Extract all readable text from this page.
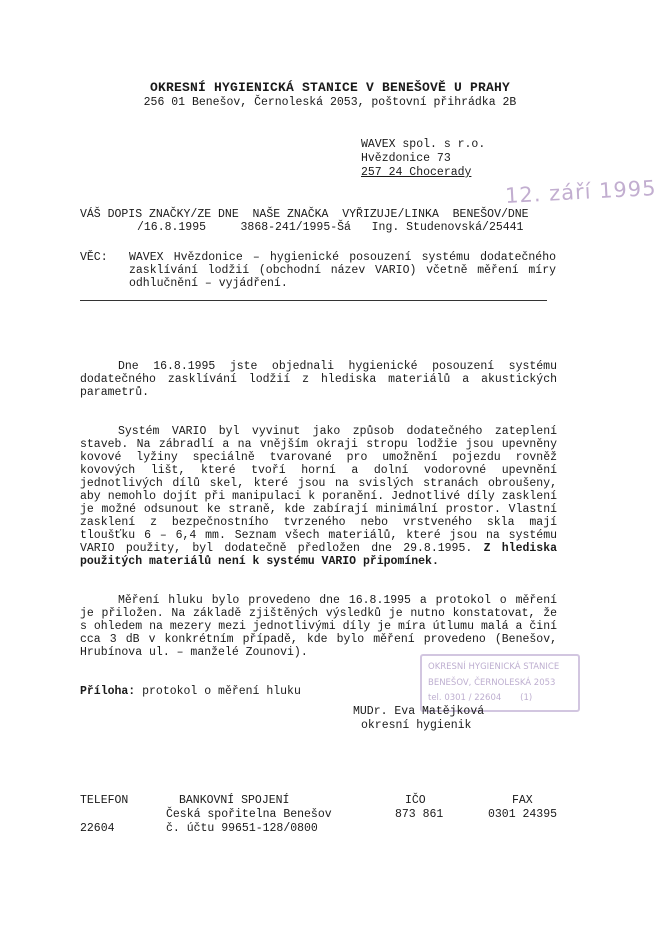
OKRESNÍ HYGIENICKÁ STANICE V BENEŠOVĚ U PRAHY
256 01 Benešov, Černoleská 2053, poštovní přihrádka 2B
WAVEX spol. s r.o.
Hvězdonice 73
257 24 Chocerady
12. září 1995
VÁŠ DOPIS ZNAČKY/ZE DNE  NAŠE ZNAČKA  VYŘIZUJE/LINKA  BENEŠOV/DNE
/16.8.1995     3868-241/1995-Šá   Ing. Studenovská/25441
VĚC: WAVEX Hvězdonice – hygienické posouzení systému dodatečného zasklívání lodžií (obchodní název VARIO) včetně měření míry odhlučnění – vyjádření.

Dne 16.8.1995 jste objednali hygienické posouzení systému dodatečného zasklívání lodžií z hlediska materiálů a akustických parametrů.

Systém VARIO byl vyvinut jako způsob dodatečného zateplení staveb. Na zábradlí a na vnějším okraji stropu lodžie jsou upevněny kovové lyžiny speciálně tvarované pro umožnění pojezdu rovněž kovových lišt, které tvoří horní a dolní vodorovné upevnění jednotlivých dílů skel, které jsou na svislých stranách obroušeny, aby nemohlo dojít při manipulaci k poranění. Jednotlivé díly zasklení je možné odsunout ke straně, kde zabírají minimální prostor. Vlastní zasklení z bezpečnostního tvrzeného nebo vrstveného skla mají tloušťku 6 – 6,4 mm. Seznam všech materiálů, které jsou na systému VARIO použity, byl dodatečně předložen dne 29.8.1995. Z hlediska použitých materiálů není k systému VARIO připomínek.

Měření hluku bylo provedeno dne 16.8.1995 a protokol o měření je přiložen. Na základě zjištěných výsledků je nutno konstatovat, že s ohledem na mezery mezi jednotlivými díly je míra útlumu malá a činí cca 3 dB v konkrétním případě, kde bylo měření provedeno (Benešov, Hrubínova ul. – manželé Zounovi).

Příloha: protokol o měření hluku

OKRESNÍ HYGIENICKÁ STANICE

BENEŠOV, ČERNOLESKÁ 2053

tel. 0301 / 22604       (1)

MUDr. Eva Matějková
okresní hygienik
TELEFON
22604
BANKOVNÍ SPOJENÍ
Česká spořitelna Benešov
č. účtu 99651-128/0800
IČO
873 861
FAX
0301 24395
